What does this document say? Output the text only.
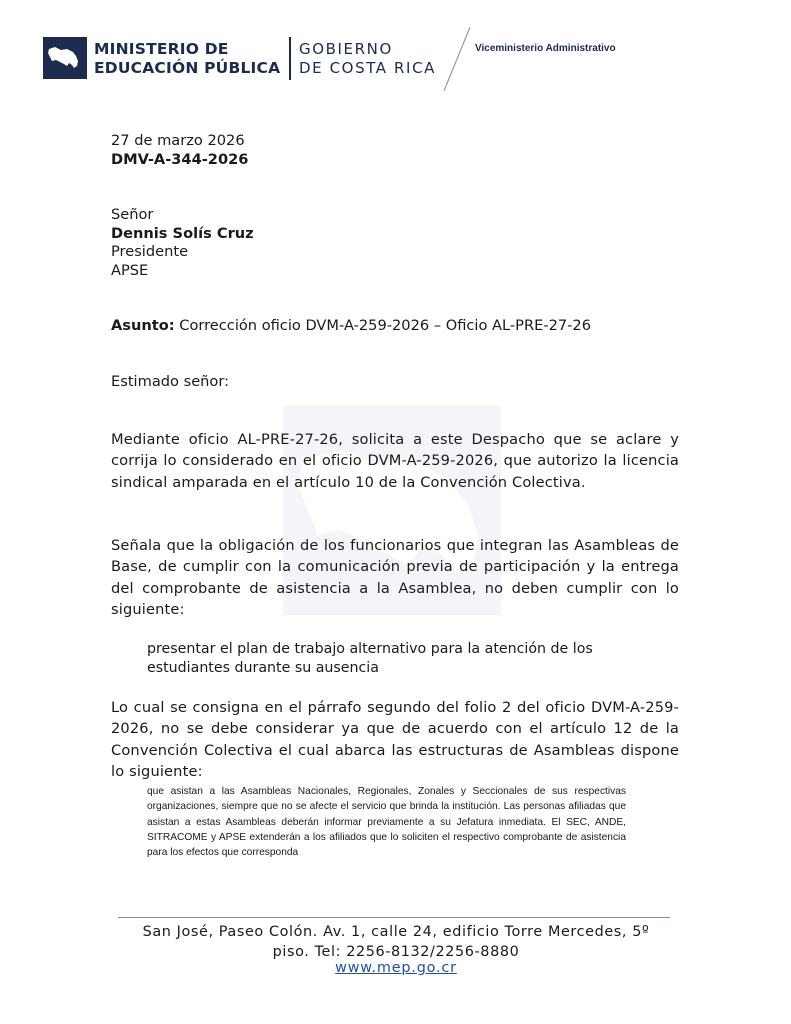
MINISTERIO DE
EDUCACIÓN PÚBLICA
GOBIERNO
DE COSTA RICA
Viceministerio Administrativo
27 de marzo 2026
DMV-A-344-2026
Señor
Dennis Solís Cruz
Presidente
APSE
Asunto: Corrección oficio DVM-A-259-2026 – Oficio AL-PRE-27-26
Estimado señor:
Mediante oficio AL-PRE-27-26, solicita a este Despacho que se aclare y corrija lo considerado en el oficio DVM-A-259-2026, que autorizo la licencia sindical amparada en el artículo 10 de la Convención Colectiva.
Señala que la obligación de los funcionarios que integran las Asambleas de Base, de cumplir con la comunicación previa de participación y la entrega del comprobante de asistencia a la Asamblea, no deben cumplir con lo siguiente:
presentar el plan de trabajo alternativo para la atención de los estudiantes durante su ausencia
Lo cual se consigna en el párrafo segundo del folio 2 del oficio DVM-A-259-2026, no se debe considerar ya que de acuerdo con el artículo 12 de la Convención Colectiva el cual abarca las estructuras de Asambleas dispone lo siguiente:
que asistan a las Asambleas Nacionales, Regionales, Zonales y Seccionales de sus respectivas organizaciones, siempre que no se afecte el servicio que brinda la institución. Las personas afiliadas que asistan a estas Asambleas deberán informar previamente a su Jefatura inmediata. El SEC, ANDE, SITRACOME y APSE extenderán a los afiliados que lo soliciten el respectivo comprobante de asistencia para los efectos que corresponda
San José, Paseo Colón. Av. 1, calle 24, edificio Torre Mercedes, 5º
piso. Tel: 2256-8132/2256-8880
www.mep.go.cr
